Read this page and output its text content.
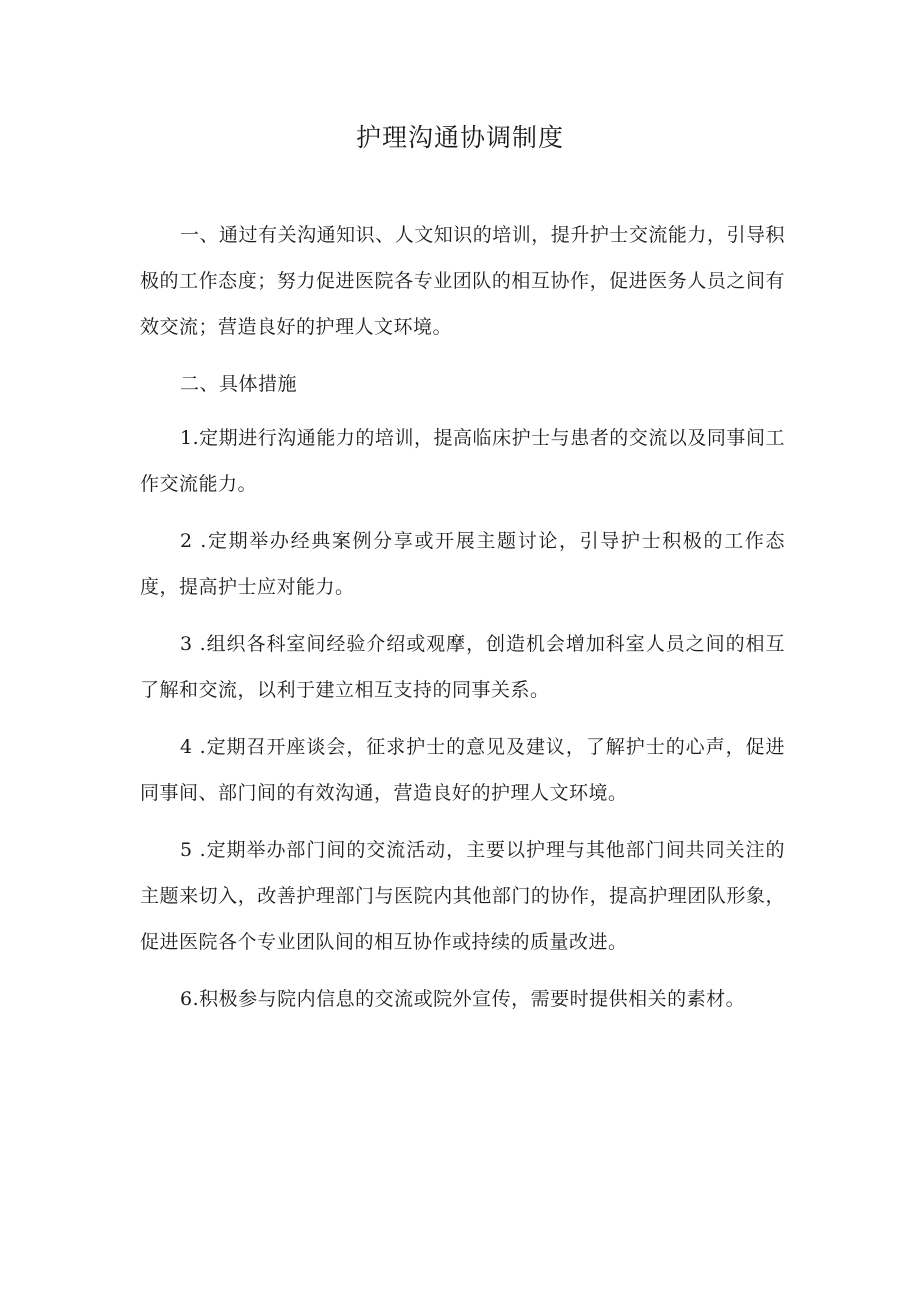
护理沟通协调制度

一、通过有关沟通知识、人文知识的培训，提升护士交流能力，引导积极的工作态度；努力促进医院各专业团队的相互协作，促进医务人员之间有效交流；营造良好的护理人文环境。

二、具体措施

1.定期进行沟通能力的培训，提高临床护士与患者的交流以及同事间工作交流能力。

2 .定期举办经典案例分享或开展主题讨论，引导护士积极的工作态度，提高护士应对能力。

3 .组织各科室间经验介绍或观摩，创造机会增加科室人员之间的相互了解和交流，以利于建立相互支持的同事关系。

4 .定期召开座谈会，征求护士的意见及建议，了解护士的心声，促进同事间、部门间的有效沟通，营造良好的护理人文环境。

5 .定期举办部门间的交流活动，主要以护理与其他部门间共同关注的主题来切入，改善护理部门与医院内其他部门的协作，提高护理团队形象，促进医院各个专业团队间的相互协作或持续的质量改进。

6.积极参与院内信息的交流或院外宣传，需要时提供相关的素材。
